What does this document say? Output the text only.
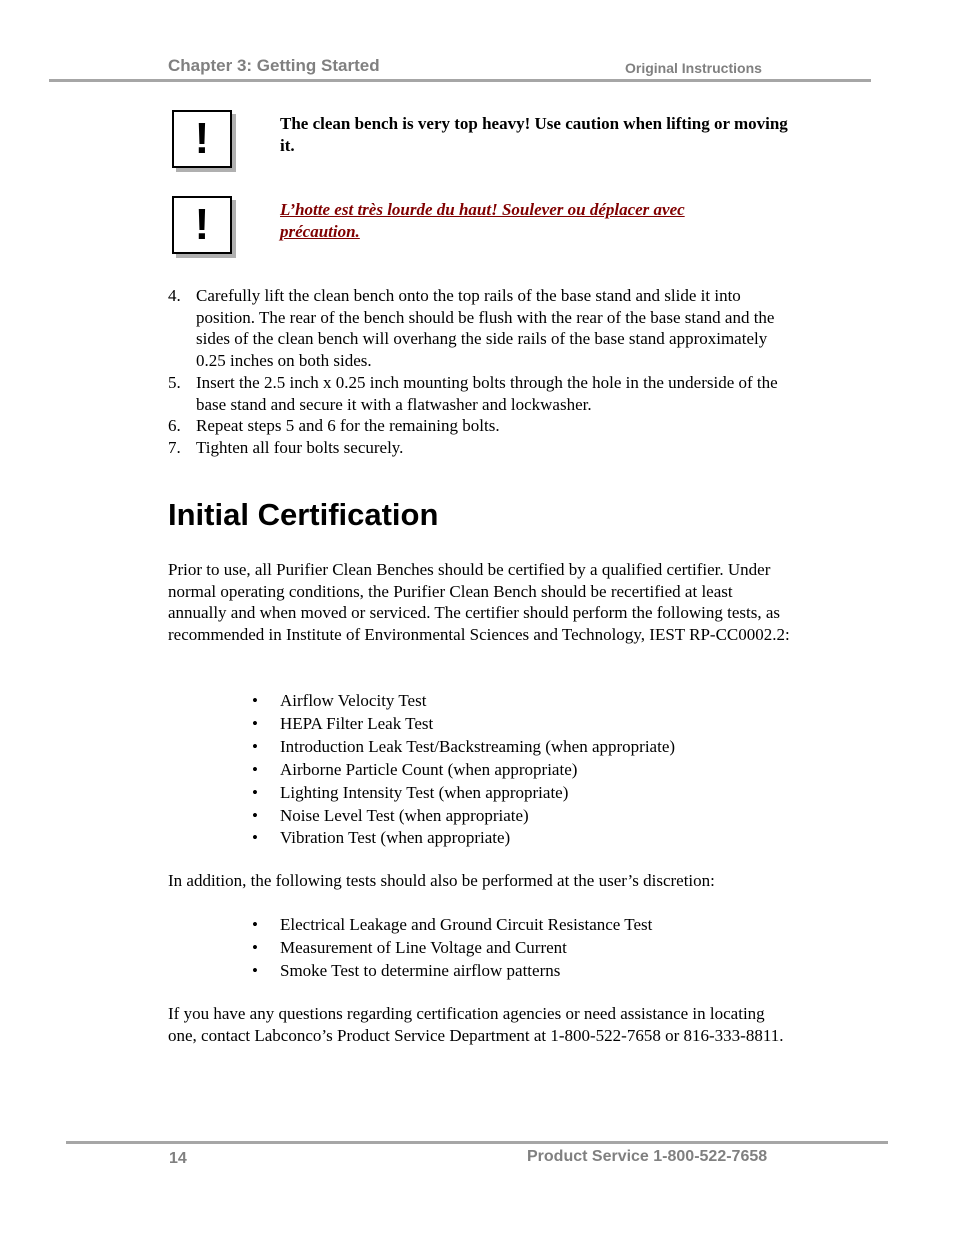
Chapter 3: Getting Started	Original Instructions
!	The clean bench is very top heavy! Use caution when lifting or moving it.
!	L’hotte est très lourde du haut! Soulever ou déplacer avec précaution.
4. Carefully lift the clean bench onto the top rails of the base stand and slide it into position. The rear of the bench should be flush with the rear of the base stand and the sides of the clean bench will overhang the side rails of the base stand approximately 0.25 inches on both sides.
5. Insert the 2.5 inch x 0.25 inch mounting bolts through the hole in the underside of the base stand and secure it with a flatwasher and lockwasher.
6. Repeat steps 5 and 6 for the remaining bolts.
7. Tighten all four bolts securely.
Initial Certification

Prior to use, all Purifier Clean Benches should be certified by a qualified certifier. Under normal operating conditions, the Purifier Clean Bench should be recertified at least annually and when moved or serviced. The certifier should perform the following tests, as recommended in Institute of Environmental Sciences and Technology, IEST RP-CC0002.2:

• Airflow Velocity Test
• HEPA Filter Leak Test
• Introduction Leak Test/Backstreaming (when appropriate)
• Airborne Particle Count (when appropriate)
• Lighting Intensity Test (when appropriate)
• Noise Level Test (when appropriate)
• Vibration Test (when appropriate)

In addition, the following tests should also be performed at the user’s discretion:

• Electrical Leakage and Ground Circuit Resistance Test
• Measurement of Line Voltage and Current
• Smoke Test to determine airflow patterns

If you have any questions regarding certification agencies or need assistance in locating one, contact Labconco’s Product Service Department at 1-800-522-7658 or 816-333-8811.

14	Product Service 1-800-522-7658
